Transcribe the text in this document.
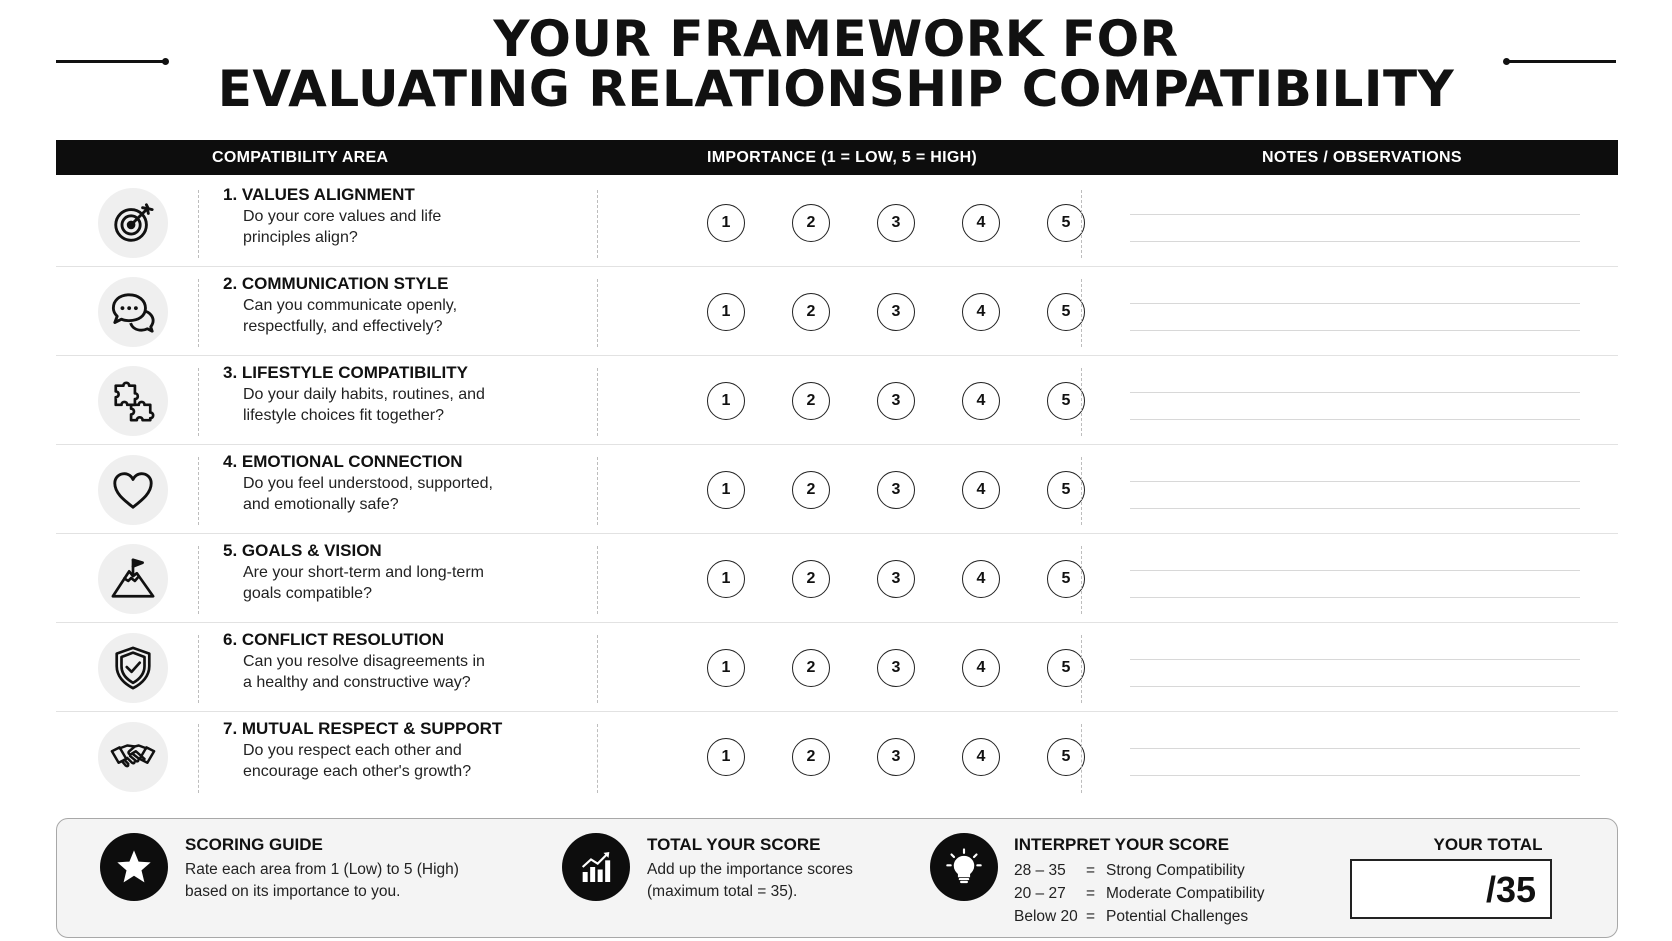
YOUR FRAMEWORK FOR
EVALUATING RELATIONSHIP COMPATIBILITY
COMPATIBILITY AREA	IMPORTANCE (1 = LOW, 5 = HIGH)	NOTES / OBSERVATIONS
1. VALUES ALIGNMENT
Do your core values and life
principles align?
1	2	3	4	5
2. COMMUNICATION STYLE
Can you communicate openly,
respectfully, and effectively?
1	2	3	4	5
3. LIFESTYLE COMPATIBILITY
Do your daily habits, routines, and
lifestyle choices fit together?
1	2	3	4	5
4. EMOTIONAL CONNECTION
Do you feel understood, supported,
and emotionally safe?
1	2	3	4	5
5. GOALS & VISION
Are your short-term and long-term
goals compatible?
1	2	3	4	5
6. CONFLICT RESOLUTION
Can you resolve disagreements in
a healthy and constructive way?
1	2	3	4	5
7. MUTUAL RESPECT & SUPPORT
Do you respect each other and
encourage each other's growth?
1	2	3	4	5
SCORING GUIDE
Rate each area from 1 (Low) to 5 (High)
based on its importance to you.
TOTAL YOUR SCORE
Add up the importance scores
(maximum total = 35).
INTERPRET YOUR SCORE
28 – 35	= Strong Compatibility
20 – 27	= Moderate Compatibility
Below 20 = Potential Challenges
YOUR TOTAL
/35
